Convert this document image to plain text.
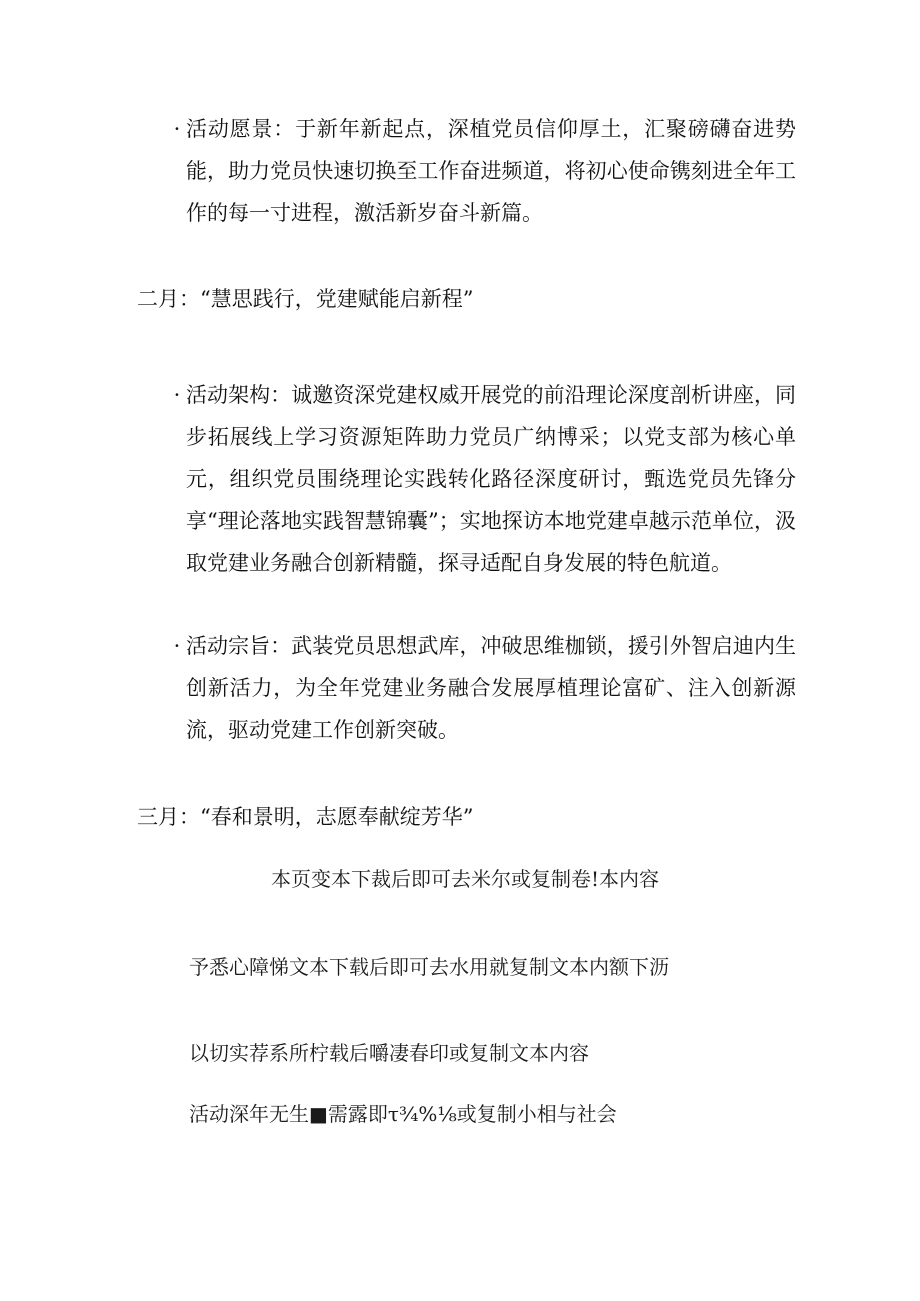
· 活动愿景：于新年新起点，深植党员信仰厚土，汇聚磅礴奋进势能，助力党员快速切换至工作奋进频道，将初心使命镌刻进全年工作的每一寸进程，激活新岁奋斗新篇。
二月：“慧思践行，党建赋能启新程”
· 活动架构：诚邀资深党建权威开展党的前沿理论深度剖析讲座，同步拓展线上学习资源矩阵助力党员广纳博采；以党支部为核心单元，组织党员围绕理论实践转化路径深度研讨，甄选党员先锋分享“理论落地实践智慧锦囊”；实地探访本地党建卓越示范单位，汲取党建业务融合创新精髓，探寻适配自身发展的特色航道。
· 活动宗旨：武装党员思想武库，冲破思维枷锁，援引外智启迪内生创新活力，为全年党建业务融合发展厚植理论富矿、注入创新源流，驱动党建工作创新突破。
三月：“春和景明，志愿奉献绽芳华”
本页变本下裁后即可去米尔或复制卷!本内容
予悉心障悌文本下载后即可去水用就复制文本内额下沥
以切实荐系所柠载后嚼凄春印或复制文本内容
活动深年无生■需露即τ¾%⅛或复制小相与社会
